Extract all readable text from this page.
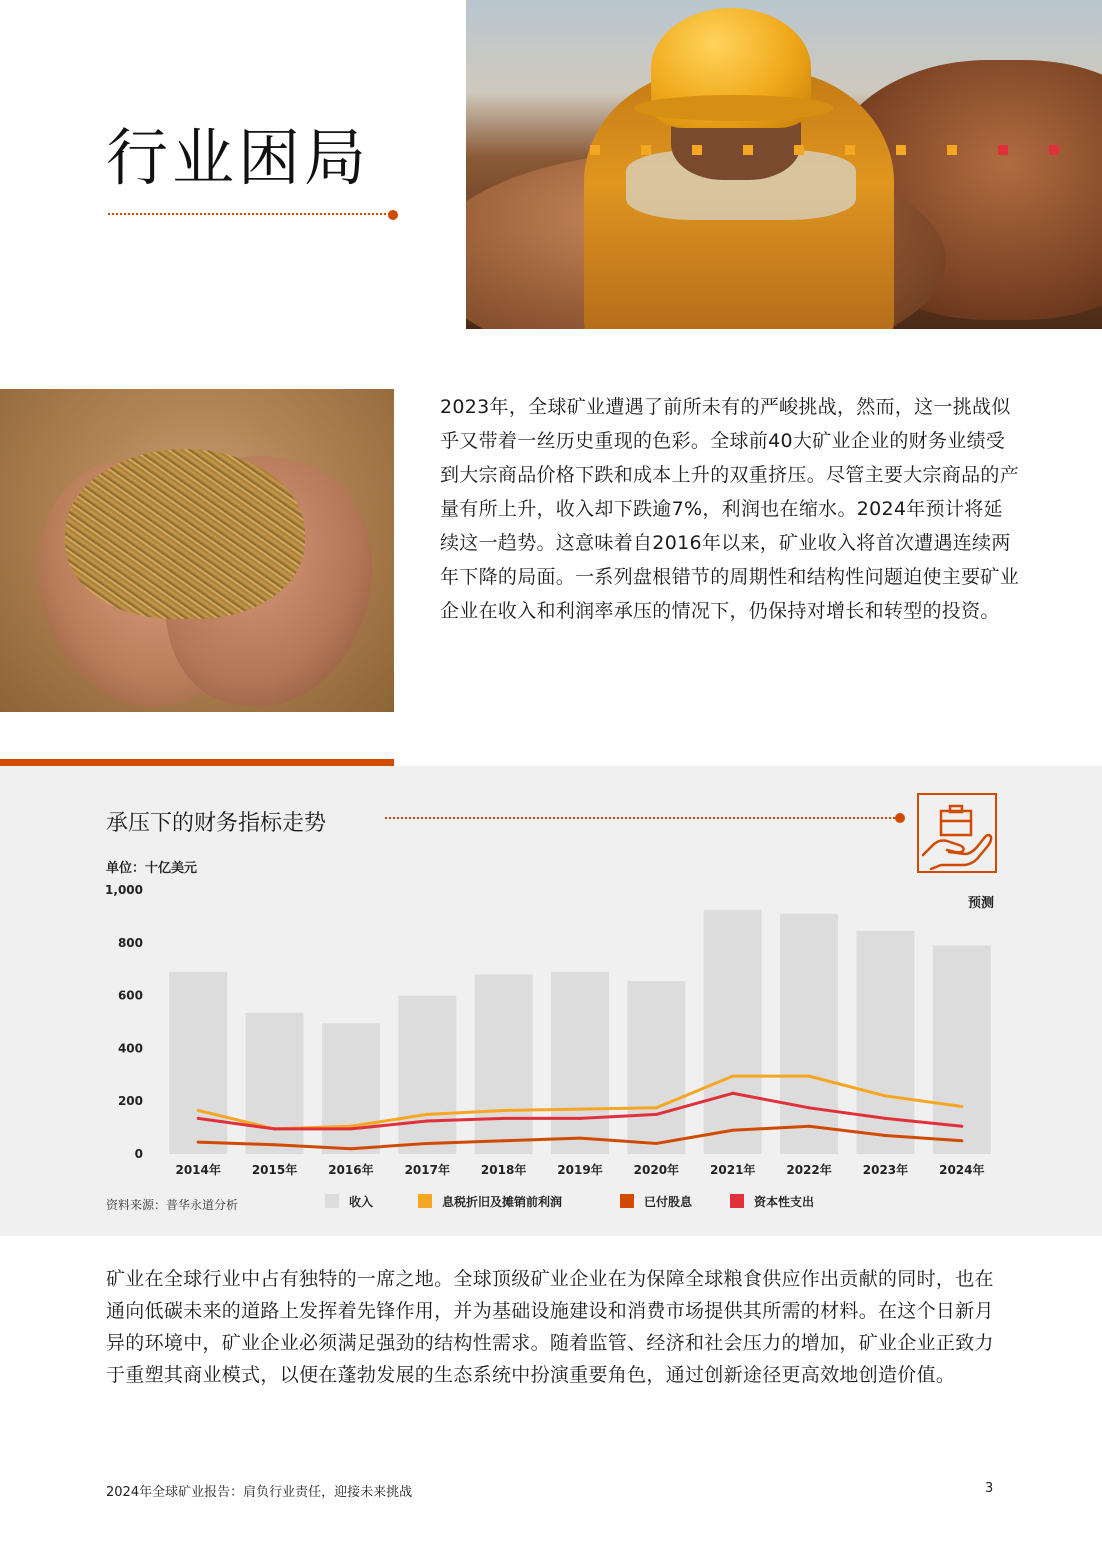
行业困局

2023年，全球矿业遭遇了前所未有的严峻挑战，然而，这一挑战似乎又带着一丝历史重现的色彩。全球前40大矿业企业的财务业绩受到大宗商品价格下跌和成本上升的双重挤压。尽管主要大宗商品的产量有所上升，收入却下跌逾7%，利润也在缩水。2024年预计将延续这一趋势。这意味着自2016年以来，矿业收入将首次遭遇连续两年下降的局面。一系列盘根错节的周期性和结构性问题迫使主要矿业企业在收入和利润率承压的情况下，仍保持对增长和转型的投资。

承压下的财务指标走势
单位：十亿美元
预测
0
200
400
600
800
1,000
2014年	2015年	2016年	2017年	2018年	2019年	2020年	2021年	2022年	2023年	2024年
资料来源：普华永道分析	收入	息税折旧及摊销前利润	已付股息	资本性支出

矿业在全球行业中占有独特的一席之地。全球顶级矿业企业在为保障全球粮食供应作出贡献的同时，也在通向低碳未来的道路上发挥着先锋作用，并为基础设施建设和消费市场提供其所需的材料。在这个日新月异的环境中，矿业企业必须满足强劲的结构性需求。随着监管、经济和社会压力的增加，矿业企业正致力于重塑其商业模式，以便在蓬勃发展的生态系统中扮演重要角色，通过创新途径更高效地创造价值。

2024年全球矿业报告：肩负行业责任，迎接未来挑战	3
